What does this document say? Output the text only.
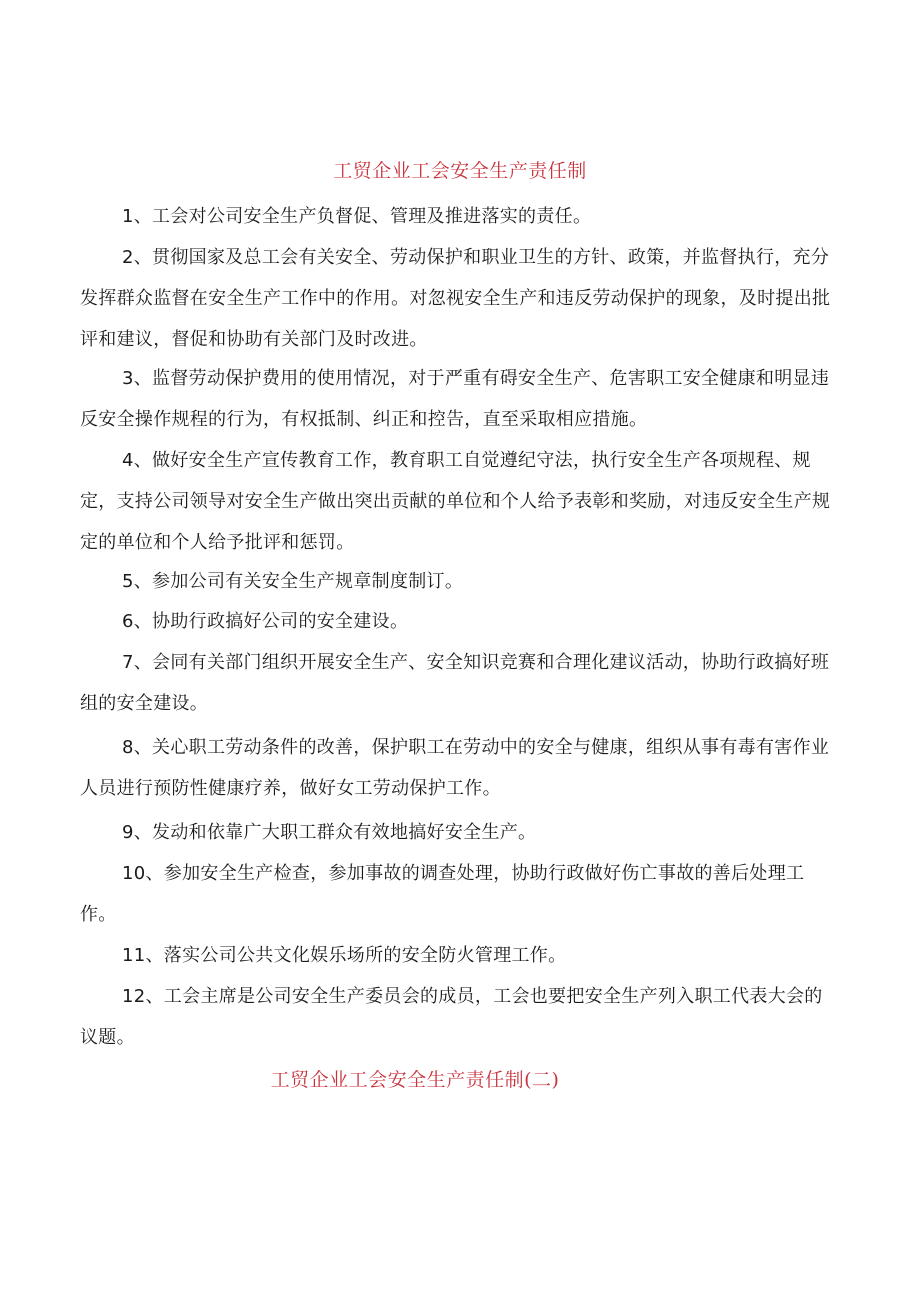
工贸企业工会安全生产责任制

1、工会对公司安全生产负督促、管理及推进落实的责任。

2、贯彻国家及总工会有关安全、劳动保护和职业卫生的方针、政策，并监督执行，充分发挥群众监督在安全生产工作中的作用。对忽视安全生产和违反劳动保护的现象，及时提出批评和建议，督促和协助有关部门及时改进。

3、监督劳动保护费用的使用情况，对于严重有碍安全生产、危害职工安全健康和明显违反安全操作规程的行为，有权抵制、纠正和控告，直至采取相应措施。

4、做好安全生产宣传教育工作，教育职工自觉遵纪守法，执行安全生产各项规程、规定，支持公司领导对安全生产做出突出贡献的单位和个人给予表彰和奖励，对违反安全生产规定的单位和个人给予批评和惩罚。

5、参加公司有关安全生产规章制度制订。

6、协助行政搞好公司的安全建设。

7、会同有关部门组织开展安全生产、安全知识竞赛和合理化建议活动，协助行政搞好班组的安全建设。

8、关心职工劳动条件的改善，保护职工在劳动中的安全与健康，组织从事有毒有害作业人员进行预防性健康疗养，做好女工劳动保护工作。

9、发动和依靠广大职工群众有效地搞好安全生产。

10、参加安全生产检查，参加事故的调查处理，协助行政做好伤亡事故的善后处理工作。

11、落实公司公共文化娱乐场所的安全防火管理工作。

12、工会主席是公司安全生产委员会的成员，工会也要把安全生产列入职工代表大会的议题。

工贸企业工会安全生产责任制(二)
